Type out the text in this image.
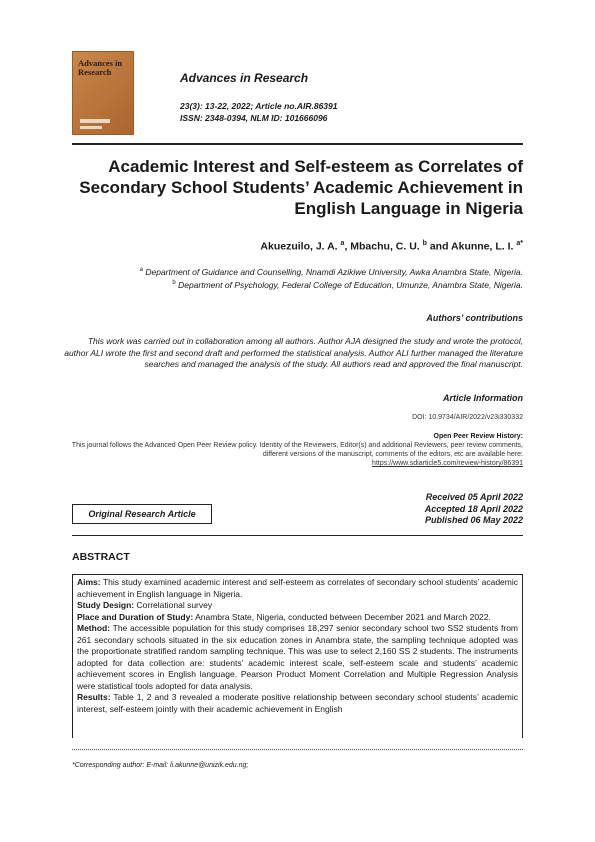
Advances in
Research	Advances in Research
23(3): 13-22, 2022; Article no.AIR.86391
ISSN: 2348-0394, NLM ID: 101666096
Academic Interest and Self-esteem as Correlates of Secondary School Students’ Academic Achievement in English Language in Nigeria
Akuezuilo, J. A. $^a$, Mbachu, C. U. $^b$ and Akunne, L. I. $^{a*}$
$^a$ Department of Guidance and Counselling, Nnamdi Azikiwe University, Awka Anambra State, Nigeria.
$^b$ Department of Psychology, Federal College of Education, Umunze, Anambra State, Nigeria.
Authors’ contributions
This work was carried out in collaboration among all authors. Author AJA designed the study and wrote the protocol, author ALI wrote the first and second draft and performed the statistical analysis. Author ALI further managed the literature searches and managed the analysis of the study. All authors read and approved the final manuscript.
Article Information
DOI: 10.9734/AIR/2022/v23i330332
Open Peer Review History:
This journal follows the Advanced Open Peer Review policy. Identity of the Reviewers, Editor(s) and additional Reviewers, peer review comments, different versions of the manuscript, comments of the editors, etc are available here:
https://www.sdiarticle5.com/review-history/86391
Received 05 April 2022
Accepted 18 April 2022
Published 06 May 2022
Original Research Article
ABSTRACT

Aims: This study examined academic interest and self-esteem as correlates of secondary school students’ academic achievement in English language in Nigeria.

Study Design: Correlational survey

Place and Duration of Study: Anambra State, Nigeria, conducted between December 2021 and March 2022.

Method: The accessible population for this study comprises 18,297 senior secondary school two SS2 students from 261 secondary schools situated in the six education zones in Anambra state, the sampling technique adopted was the proportionate stratified random sampling technique. This was use to select 2,160 SS 2 students. The instruments adopted for data collection are: students’ academic interest scale, self-esteem scale and students’ academic achievement scores in English language. Pearson Product Moment Correlation and Multiple Regression Analysis were statistical tools adopted for data analysis.

Results: Table 1, 2 and 3 revealed a moderate positive relationship between secondary school students’ academic interest, self-esteem jointly with their academic achievement in English

*Corresponding author: E-mail: li.akunne@unizik.edu.ng;
